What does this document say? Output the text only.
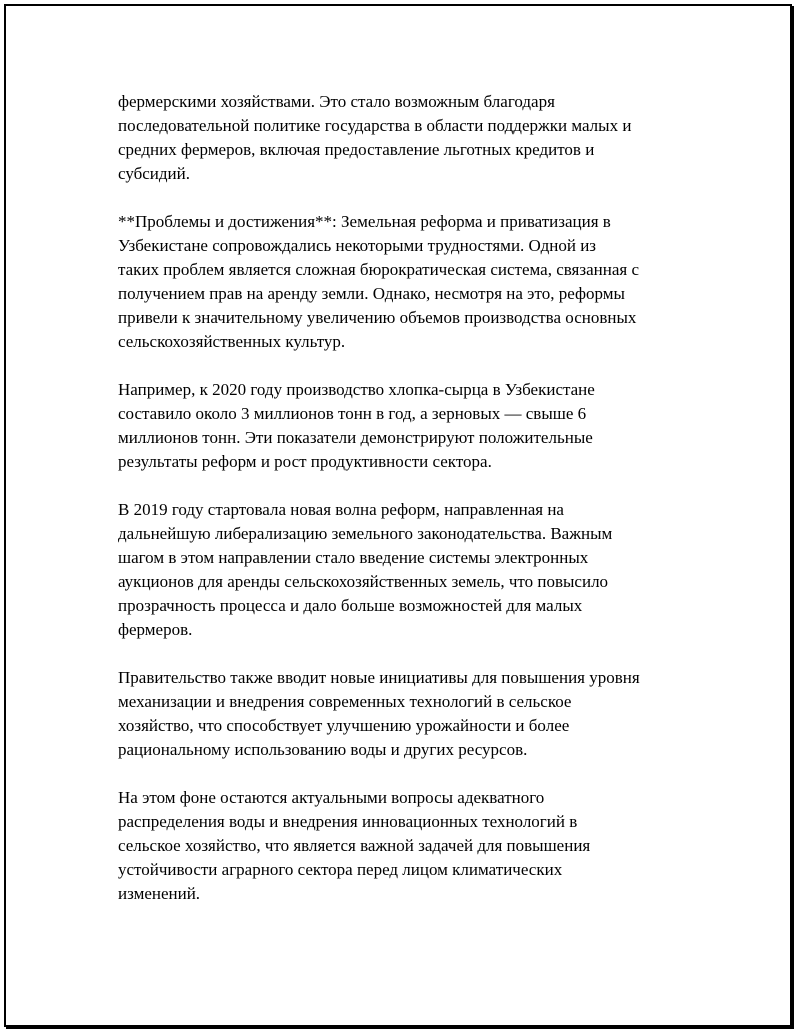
фермерскими хозяйствами. Это стало возможным благодаря
последовательной политике государства в области поддержки малых и
средних фермеров, включая предоставление льготных кредитов и
субсидий.

**Проблемы и достижения**: Земельная реформа и приватизация в
Узбекистане сопровождались некоторыми трудностями. Одной из
таких проблем является сложная бюрократическая система, связанная с
получением прав на аренду земли. Однако, несмотря на это, реформы
привели к значительному увеличению объемов производства основных
сельскохозяйственных культур.

Например, к 2020 году производство хлопка-сырца в Узбекистане
составило около 3 миллионов тонн в год, а зерновых — свыше 6
миллионов тонн. Эти показатели демонстрируют положительные
результаты реформ и рост продуктивности сектора.

В 2019 году стартовала новая волна реформ, направленная на
дальнейшую либерализацию земельного законодательства. Важным
шагом в этом направлении стало введение системы электронных
аукционов для аренды сельскохозяйственных земель, что повысило
прозрачность процесса и дало больше возможностей для малых
фермеров.

Правительство также вводит новые инициативы для повышения уровня
механизации и внедрения современных технологий в сельское
хозяйство, что способствует улучшению урожайности и более
рациональному использованию воды и других ресурсов.

На этом фоне остаются актуальными вопросы адекватного
распределения воды и внедрения инновационных технологий в
сельское хозяйство, что является важной задачей для повышения
устойчивости аграрного сектора перед лицом климатических
изменений.
